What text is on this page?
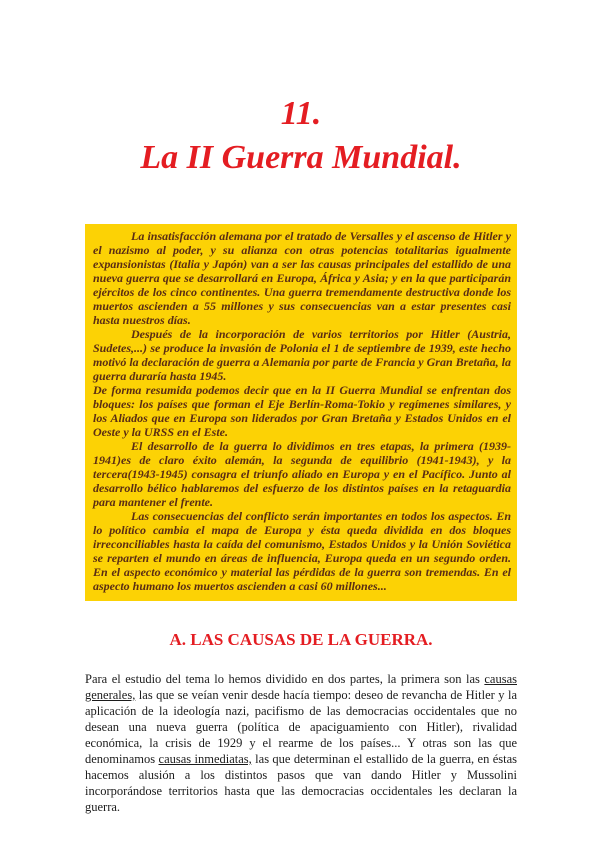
11.
La II Guerra Mundial.

La insatisfacción alemana por el tratado de Versalles y el ascenso de Hitler y el nazismo al poder, y su alianza con otras potencias totalitarias igualmente expansionistas (Italia y Japón) van a ser las causas principales del estallido de una nueva guerra que se desarrollará en Europa, África y Asia; y en la que participarán ejércitos de los cinco continentes. Una guerra tremendamente destructiva donde los muertos ascienden a 55 millones y sus consecuencias van a estar presentes casi hasta nuestros días.

Después de la incorporación de varios territorios por Hitler (Austria, Sudetes,...) se produce la invasión de Polonia el 1 de septiembre de 1939, este hecho motivó la declaración de guerra a Alemania por parte de Francia y Gran Bretaña, la guerra duraría hasta 1945.

De forma resumida podemos decir que en la II Guerra Mundial se enfrentan dos bloques: los países que forman el Eje Berlín-Roma-Tokio y regímenes similares, y los Aliados que en Europa son liderados por Gran Bretaña y Estados Unidos en el Oeste y la URSS en el Este.

El desarrollo de la guerra lo dividimos en tres etapas, la primera (1939-1941)es de claro éxito alemán, la segunda de equilibrio (1941-1943), y la tercera(1943-1945) consagra el triunfo aliado en Europa y en el Pacífico. Junto al desarrollo bélico hablaremos del esfuerzo de los distintos países en la retaguardia para mantener el frente.

Las consecuencias del conflicto serán importantes en todos los aspectos. En lo político cambia el mapa de Europa y ésta queda dividida en dos bloques irreconciliables hasta la caída del comunismo, Estados Unidos y la Unión Soviética se reparten el mundo en áreas de influencia, Europa queda en un segundo orden. En el aspecto económico y material las pérdidas de la guerra son tremendas. En el aspecto humano los muertos ascienden a casi 60 millones...

A. LAS CAUSAS DE LA GUERRA.

Para el estudio del tema lo hemos dividido en dos partes, la primera son las causas generales, las que se veían venir desde hacía tiempo: deseo de revancha de Hitler y la aplicación de la ideología nazi, pacifismo de las democracias occidentales que no desean una nueva guerra (política de apaciguamiento con Hitler), rivalidad económica, la crisis de 1929 y el rearme de los países... Y otras son las que denominamos causas inmediatas, las que determinan el estallido de la guerra, en éstas hacemos alusión a los distintos pasos que van dando Hitler y Mussolini incorporándose territorios hasta que las democracias occidentales les declaran la guerra.
